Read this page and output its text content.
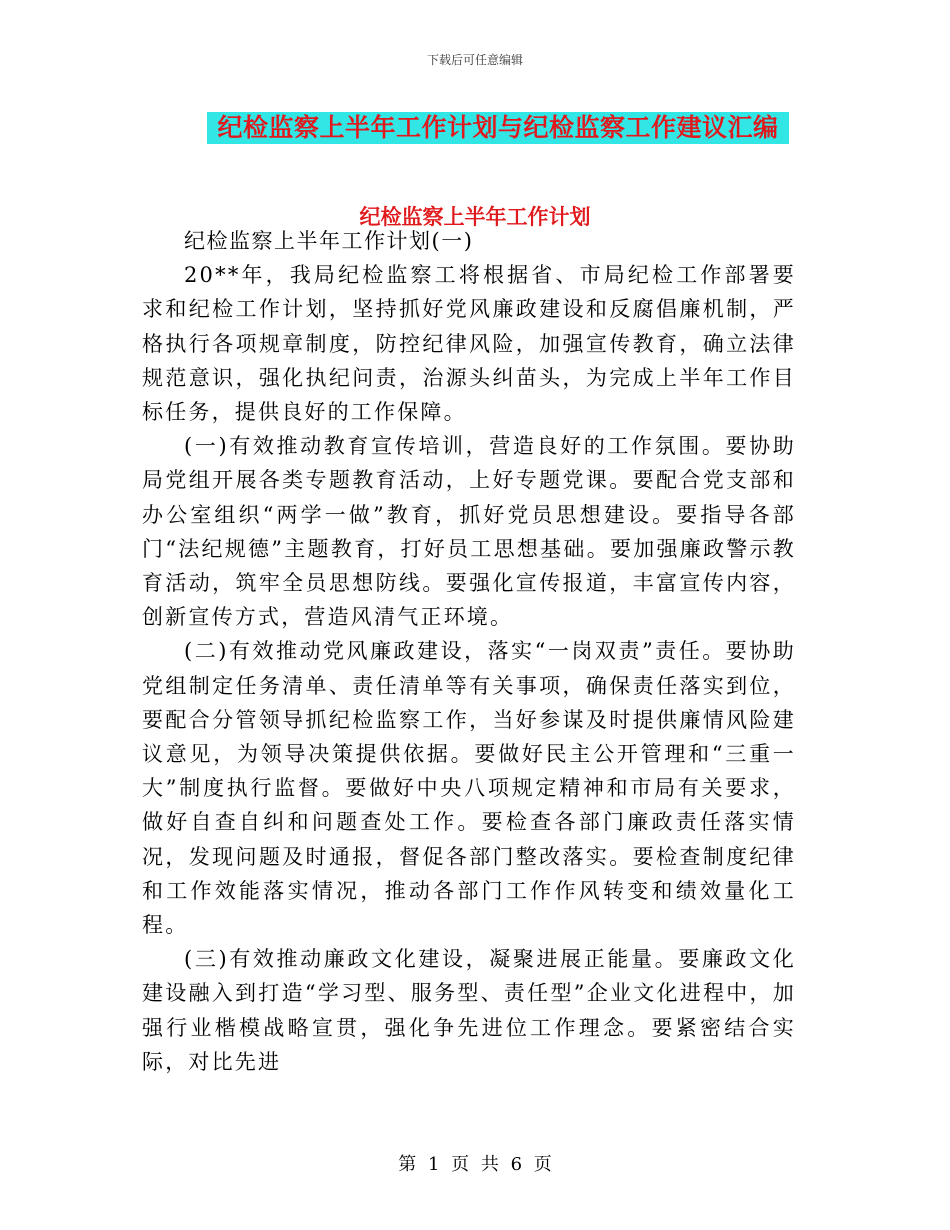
下载后可任意编辑
纪检监察上半年工作计划与纪检监察工作建议汇编
纪检监察上半年工作计划

纪检监察上半年工作计划(一)

20**年，我局纪检监察工将根据省、市局纪检工作部署要求和纪检工作计划，坚持抓好党风廉政建设和反腐倡廉机制，严格执行各项规章制度，防控纪律风险，加强宣传教育，确立法律规范意识，强化执纪问责，治源头纠苗头，为完成上半年工作目标任务，提供良好的工作保障。

(一)有效推动教育宣传培训，营造良好的工作氛围。要协助局党组开展各类专题教育活动，上好专题党课。要配合党支部和办公室组织“两学一做”教育，抓好党员思想建设。要指导各部门“法纪规德”主题教育，打好员工思想基础。要加强廉政警示教育活动，筑牢全员思想防线。要强化宣传报道，丰富宣传内容，创新宣传方式，营造风清气正环境。

(二)有效推动党风廉政建设，落实“一岗双责”责任。要协助党组制定任务清单、责任清单等有关事项，确保责任落实到位，要配合分管领导抓纪检监察工作，当好参谋及时提供廉情风险建议意见，为领导决策提供依据。要做好民主公开管理和“三重一大”制度执行监督。要做好中央八项规定精神和市局有关要求，做好自查自纠和问题查处工作。要检查各部门廉政责任落实情况，发现问题及时通报，督促各部门整改落实。要检查制度纪律和工作效能落实情况，推动各部门工作作风转变和绩效量化工程。

(三)有效推动廉政文化建设，凝聚进展正能量。要廉政文化建设融入到打造“学习型、服务型、责任型”企业文化进程中，加强行业楷模战略宣贯，强化争先进位工作理念。要紧密结合实际，对比先进

第 1 页 共 6 页
